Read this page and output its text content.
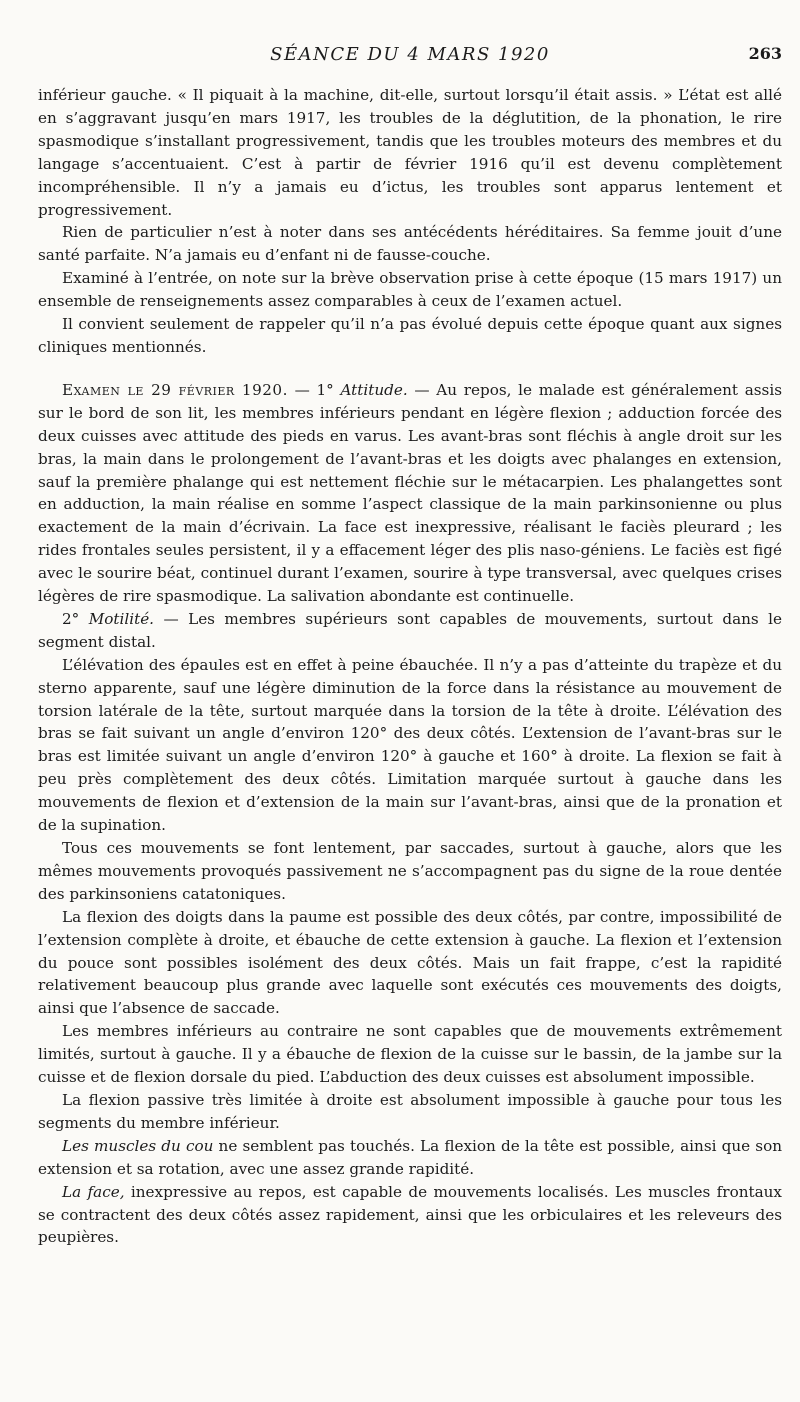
SÉANCE DU 4 MARS 1920	263

inférieur gauche. « Il piquait à la machine, dit-elle, surtout lorsqu’il était assis. » L’état est allé en s’aggravant jusqu’en mars 1917, les troubles de la déglutition, de la phonation, le rire spasmodique s’installant progressivement, tandis que les troubles moteurs des membres et du langage s’accentuaient. C’est à partir de février 1916 qu’il est devenu complètement incompréhensible. Il n’y a jamais eu d’ictus, les troubles sont apparus lentement et progressivement.

Rien de particulier n’est à noter dans ses antécédents héréditaires. Sa femme jouit d’une santé parfaite. N’a jamais eu d’enfant ni de fausse-couche.

Examiné à l’entrée, on note sur la brève observation prise à cette époque (15 mars 1917) un ensemble de renseignements assez comparables à ceux de l’examen actuel.

Il convient seulement de rappeler qu’il n’a pas évolué depuis cette époque quant aux signes cliniques mentionnés.

Examen le 29 février 1920. — 1° Attitude. — Au repos, le malade est généralement assis sur le bord de son lit, les membres inférieurs pendant en légère flexion ; adduction forcée des deux cuisses avec attitude des pieds en varus. Les avant-bras sont fléchis à angle droit sur les bras, la main dans le prolongement de l’avant-bras et les doigts avec phalanges en extension, sauf la première phalange qui est nettement fléchie sur le métacarpien. Les phalangettes sont en adduction, la main réalise en somme l’aspect classique de la main parkinsonienne ou plus exactement de la main d’écrivain. La face est inexpressive, réalisant le faciès pleurard ; les rides frontales seules persistent, il y a effacement léger des plis naso-géniens. Le faciès est figé avec le sourire béat, continuel durant l’examen, sourire à type transversal, avec quelques crises légères de rire spasmodique. La salivation abondante est continuelle.

2° Motilité. — Les membres supérieurs sont capables de mouvements, surtout dans le segment distal.

L’élévation des épaules est en effet à peine ébauchée. Il n’y a pas d’atteinte du trapèze et du sterno apparente, sauf une légère diminution de la force dans la résistance au mouvement de torsion latérale de la tête, surtout marquée dans la torsion de la tête à droite. L’élévation des bras se fait suivant un angle d’environ 120° des deux côtés. L’extension de l’avant-bras sur le bras est limitée suivant un angle d’environ 120° à gauche et 160° à droite. La flexion se fait à peu près complètement des deux côtés. Limitation marquée surtout à gauche dans les mouvements de flexion et d’extension de la main sur l’avant-bras, ainsi que de la pronation et de la supination.

Tous ces mouvements se font lentement, par saccades, surtout à gauche, alors que les mêmes mouvements provoqués passivement ne s’accompagnent pas du signe de la roue dentée des parkinsoniens catatoniques.

La flexion des doigts dans la paume est possible des deux côtés, par contre, impossibilité de l’extension complète à droite, et ébauche de cette extension à gauche. La flexion et l’extension du pouce sont possibles isolément des deux côtés. Mais un fait frappe, c’est la rapidité relativement beaucoup plus grande avec laquelle sont exécutés ces mouvements des doigts, ainsi que l’absence de saccade.

Les membres inférieurs au contraire ne sont capables que de mouvements extrêmement limités, surtout à gauche. Il y a ébauche de flexion de la cuisse sur le bassin, de la jambe sur la cuisse et de flexion dorsale du pied. L’abduction des deux cuisses est absolument impossible.

La flexion passive très limitée à droite est absolument impossible à gauche pour tous les segments du membre inférieur.

Les muscles du cou ne semblent pas touchés. La flexion de la tête est possible, ainsi que son extension et sa rotation, avec une assez grande rapidité.

La face, inexpressive au repos, est capable de mouvements localisés. Les muscles frontaux se contractent des deux côtés assez rapidement, ainsi que les orbiculaires et les releveurs des peupières.
